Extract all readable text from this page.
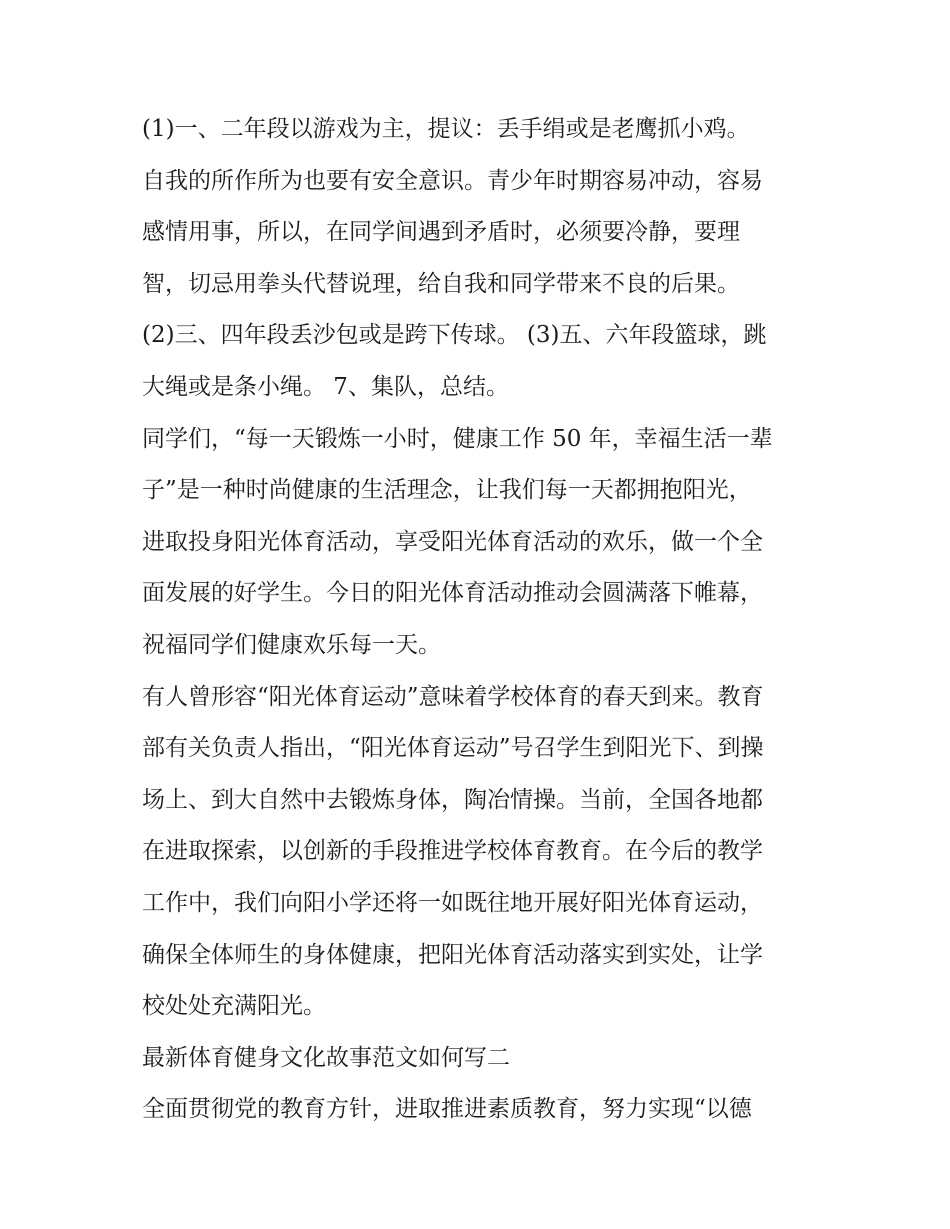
(1)一、二年段以游戏为主，提议：丢手绢或是老鹰抓小鸡。
自我的所作所为也要有安全意识。青少年时期容易冲动，容易
感情用事，所以，在同学间遇到矛盾时，必须要冷静，要理
智，切忌用拳头代替说理，给自我和同学带来不良的后果。
(2)三、四年段丢沙包或是跨下传球。 (3)五、六年段篮球，跳
大绳或是条小绳。 7、集队，总结。
同学们，“每一天锻炼一小时，健康工作 50 年，幸福生活一辈
子”是一种时尚健康的生活理念，让我们每一天都拥抱阳光，
进取投身阳光体育活动，享受阳光体育活动的欢乐，做一个全
面发展的好学生。今日的阳光体育活动推动会圆满落下帷幕，
祝福同学们健康欢乐每一天。
有人曾形容“阳光体育运动”意味着学校体育的春天到来。教育
部有关负责人指出，“阳光体育运动”号召学生到阳光下、到操
场上、到大自然中去锻炼身体，陶冶情操。当前，全国各地都
在进取探索，以创新的手段推进学校体育教育。在今后的教学
工作中，我们向阳小学还将一如既往地开展好阳光体育运动，
确保全体师生的身体健康，把阳光体育活动落实到实处，让学
校处处充满阳光。
最新体育健身文化故事范文如何写二
全面贯彻党的教育方针，进取推进素质教育，努力实现“以德
